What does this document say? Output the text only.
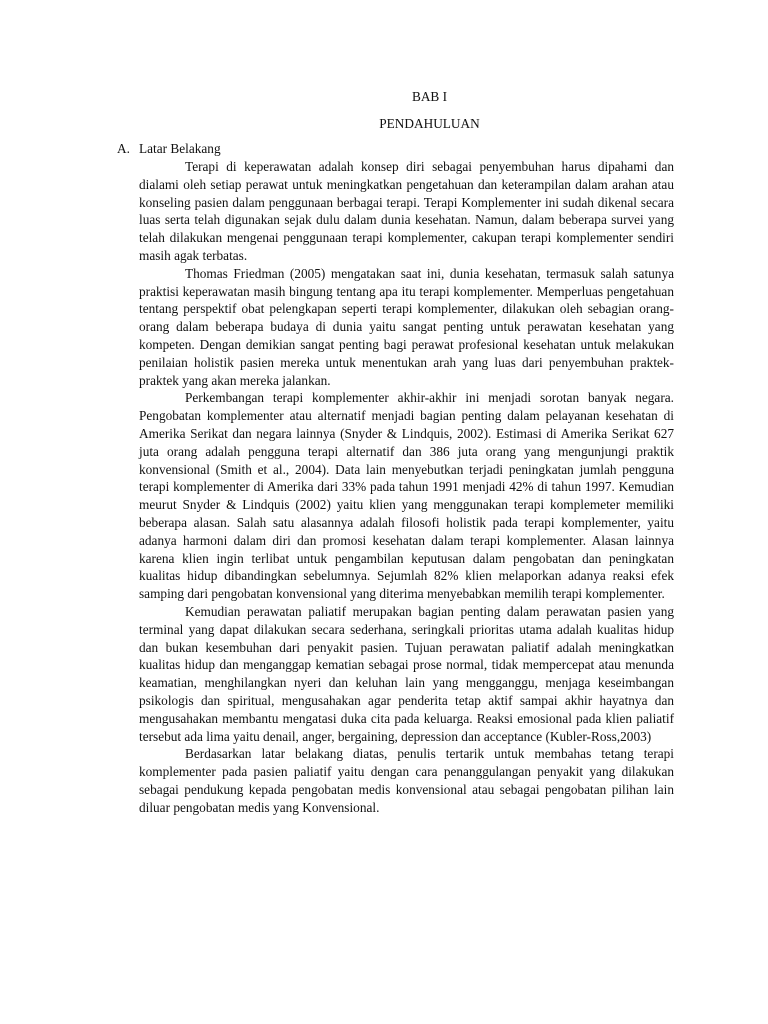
BAB I

PENDAHULUAN

A. Latar Belakang

Terapi di keperawatan adalah konsep diri sebagai penyembuhan harus dipahami dan dialami oleh setiap perawat untuk meningkatkan pengetahuan dan keterampilan dalam arahan atau konseling pasien dalam penggunaan berbagai terapi. Terapi Komplementer ini sudah dikenal secara luas serta telah digunakan sejak dulu dalam dunia kesehatan. Namun, dalam beberapa survei yang telah dilakukan mengenai penggunaan terapi komplementer, cakupan terapi komplementer sendiri masih agak terbatas.

Thomas Friedman (2005) mengatakan saat ini, dunia kesehatan, termasuk salah satunya praktisi keperawatan masih bingung tentang apa itu terapi komplementer. Memperluas pengetahuan tentang perspektif obat pelengkapan seperti terapi komplementer, dilakukan oleh sebagian orang-orang dalam beberapa budaya di dunia yaitu sangat penting untuk perawatan kesehatan yang kompeten. Dengan demikian sangat penting bagi perawat profesional kesehatan untuk melakukan penilaian holistik pasien mereka untuk menentukan arah yang luas dari penyembuhan praktek-praktek yang akan mereka jalankan.

Perkembangan terapi komplementer akhir-akhir ini menjadi sorotan banyak negara. Pengobatan komplementer atau alternatif menjadi bagian penting dalam pelayanan kesehatan di Amerika Serikat dan negara lainnya (Snyder & Lindquis, 2002). Estimasi di Amerika Serikat 627 juta orang adalah pengguna terapi alternatif dan 386 juta orang yang mengunjungi praktik konvensional (Smith et al., 2004). Data lain menyebutkan terjadi peningkatan jumlah pengguna terapi komplementer di Amerika dari 33% pada tahun 1991 menjadi 42% di tahun 1997. Kemudian meurut Snyder & Lindquis (2002) yaitu klien yang menggunakan terapi komplemeter memiliki beberapa alasan. Salah satu alasannya adalah filosofi holistik pada terapi komplementer, yaitu adanya harmoni dalam diri dan promosi kesehatan dalam terapi komplementer. Alasan lainnya karena klien ingin terlibat untuk pengambilan keputusan dalam pengobatan dan peningkatan kualitas hidup dibandingkan sebelumnya. Sejumlah 82% klien melaporkan adanya reaksi efek samping dari pengobatan konvensional yang diterima menyebabkan memilih terapi komplementer.

Kemudian perawatan paliatif merupakan bagian penting dalam perawatan pasien yang terminal yang dapat dilakukan secara sederhana, seringkali prioritas utama adalah kualitas hidup dan bukan kesembuhan dari penyakit pasien. Tujuan perawatan paliatif adalah meningkatkan kualitas hidup dan menganggap kematian sebagai prose normal, tidak mempercepat atau menunda keamatian, menghilangkan nyeri dan keluhan lain yang mengganggu, menjaga keseimbangan psikologis dan spiritual, mengusahakan agar penderita tetap aktif sampai akhir hayatnya dan mengusahakan membantu mengatasi duka cita pada keluarga. Reaksi emosional pada klien paliatif tersebut ada lima yaitu denail, anger, bergaining, depression dan acceptance (Kubler-Ross,2003)

Berdasarkan latar belakang diatas, penulis tertarik untuk membahas tetang terapi komplementer pada pasien paliatif yaitu dengan cara penanggulangan penyakit yang dilakukan sebagai pendukung kepada pengobatan medis konvensional atau sebagai pengobatan pilihan lain diluar pengobatan medis yang Konvensional.
